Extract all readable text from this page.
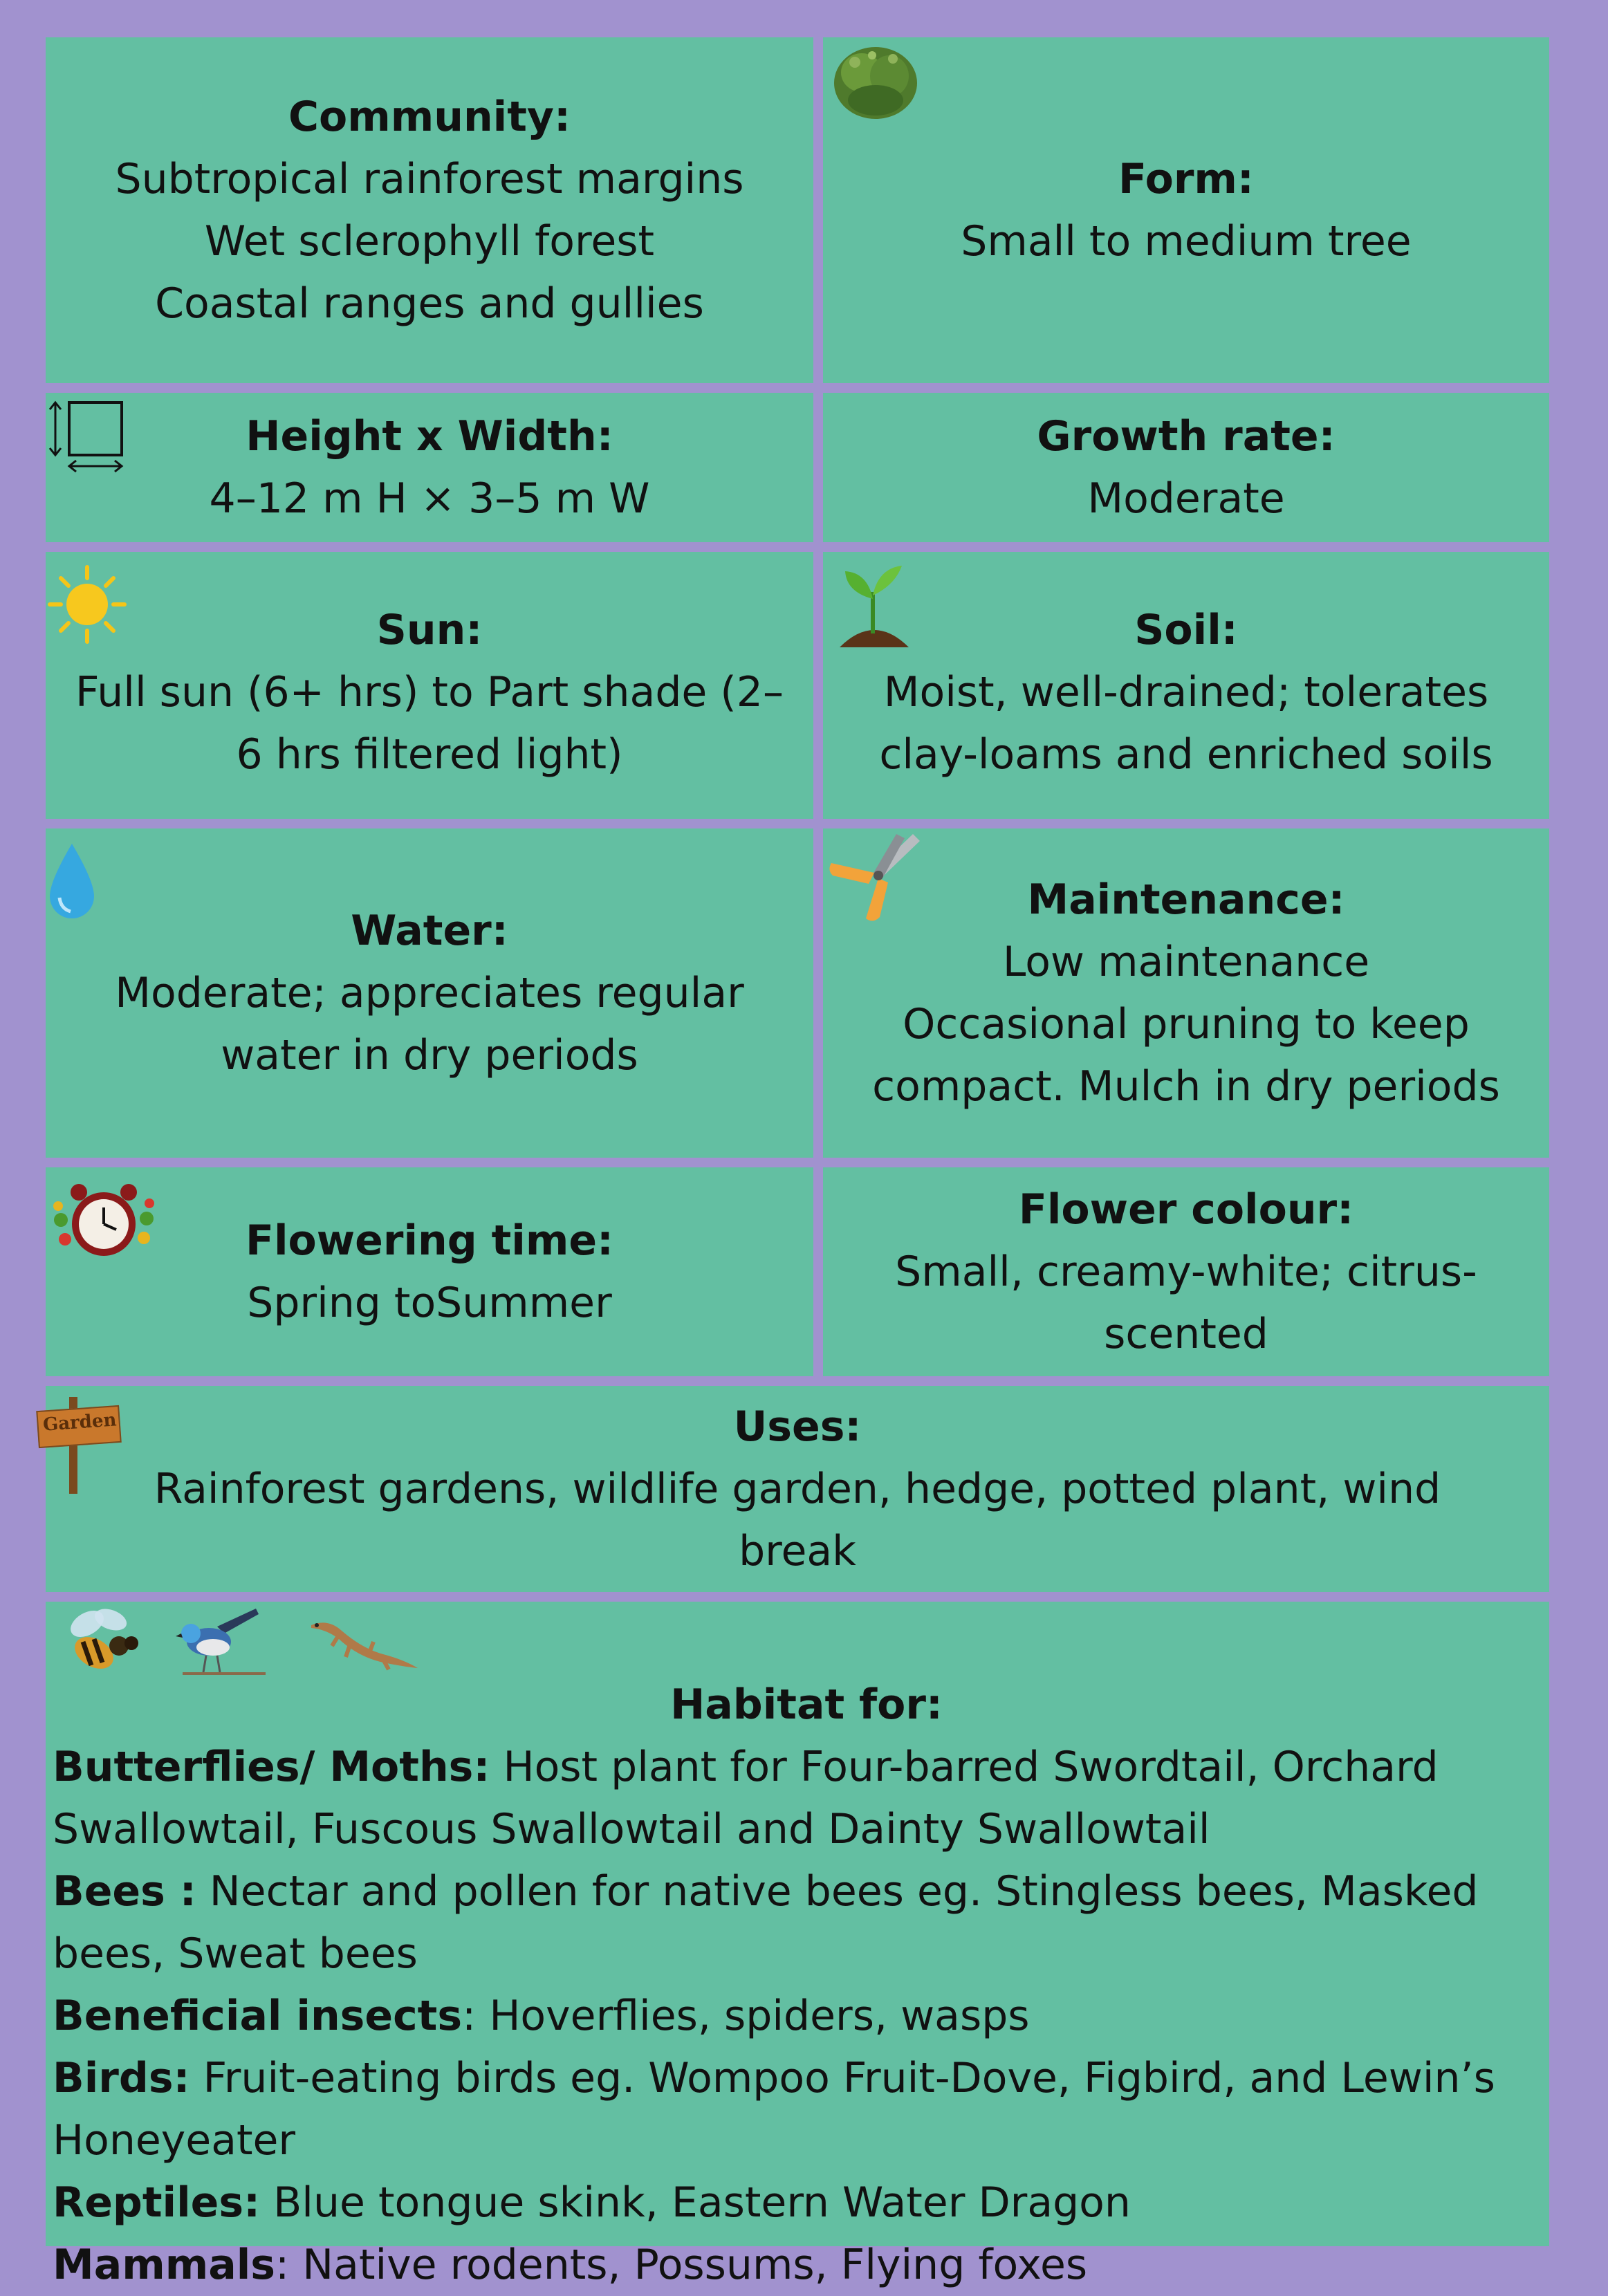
Community:
Subtropical rainforest margins
Wet sclerophyll forest
Coastal ranges and gullies
Form:
Small to medium tree
Height x Width:
4–12 m H × 3–5 m W
Growth rate:
Moderate
Sun:
Full sun (6+ hrs) to Part shade (2–6 hrs filtered light)
Soil:
Moist, well-drained; tolerates clay-loams and enriched soils
Water:
Moderate; appreciates regular water in dry periods
Maintenance:
Low maintenance
Occasional pruning to keep compact. Mulch in dry periods
Flowering time:
Spring toSummer
Flower colour:
Small, creamy-white; citrus-scented
Uses:
Rainforest gardens, wildlife garden, hedge, potted plant, wind break
Garden
Habitat for:
Butterflies/ Moths: Host plant for Four-barred Swordtail, Orchard Swallowtail, Fuscous Swallowtail and Dainty Swallowtail
Bees : Nectar and pollen for native bees eg. Stingless bees, Masked bees, Sweat bees
Beneficial insects: Hoverflies, spiders, wasps
Birds: Fruit-eating birds eg. Wompoo Fruit-Dove, Figbird, and Lewin’s Honeyeater
Reptiles: Blue tongue skink, Eastern Water Dragon
Mammals: Native rodents, Possums, Flying foxes
